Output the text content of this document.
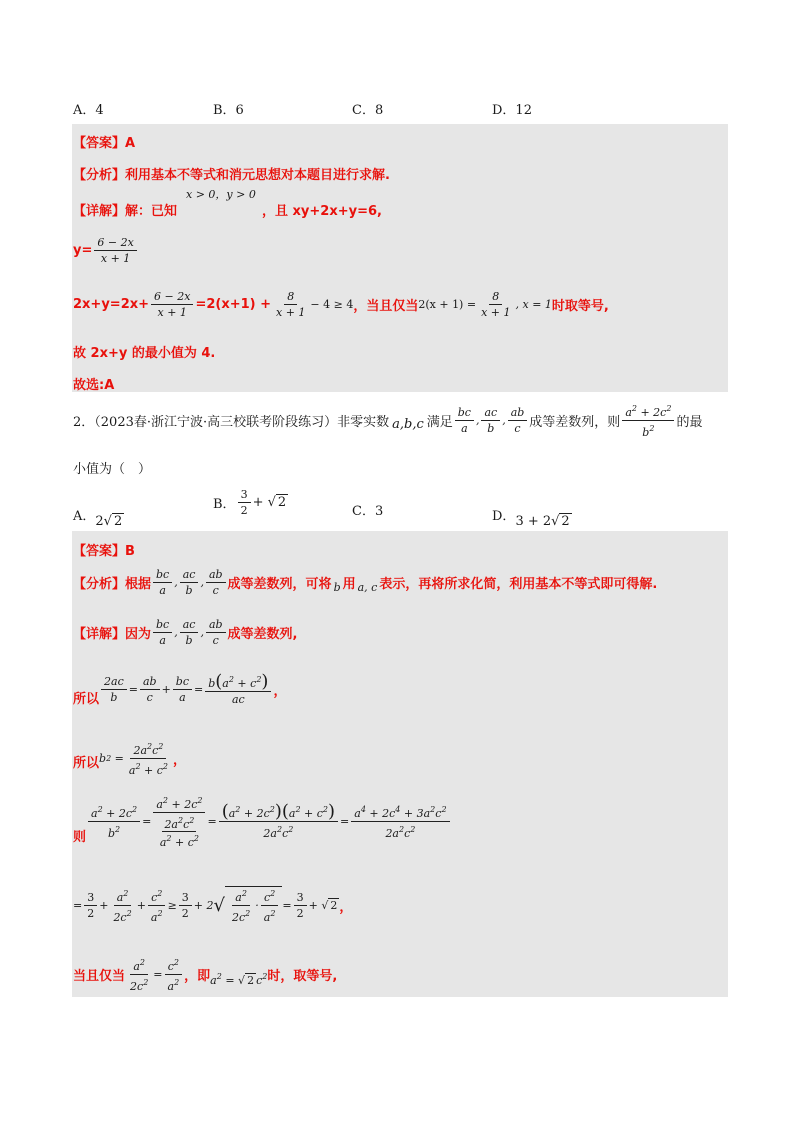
A．4	B．6	C．8	D．12
【答案】A
【分析】利用基本不等式和消元思想对本题目进行求解.
【详解】解：已知
x > 0，y > 0
，且 xy+2x+y=6,
$y= \frac{6 - 2x}{x + 1}$
$2x+y=2x+ \frac{6 - 2x}{x + 1} =2(x+1) + \frac{8}{x + 1} - 4 \ge 4$ ，当且仅当 $2(x + 1) = \frac{8}{x + 1}$ , x = 1 时取等号,
故 2x+y 的最小值为 4.
故选:A
2．（2023春·浙江宁波·高三校联考阶段练习）非零实数 a,b,c 满足 $\frac{bc}{a}$ , $\frac{ac}{b}$ , $\frac{ab}{c}$ 成等差数列，则 $\frac{a^2 + 2c^2}{b^2}$ 的最
小值为（　）
A． 2√ 2
B． $\frac{3}{2}$ + √ 2
C．3	D． 3 + 2√ 2
【答案】B
【分析】根据 $\frac{bc}{a}$ , $\frac{ac}{b}$ , $\frac{ab}{c}$ 成等差数列，可将 b 用 a, c 表示，再将所求化简，利用基本不等式即可得解.
【详解】因为 $\frac{bc}{a}$ , $\frac{ac}{b}$ , $\frac{ab}{c}$ 成等差数列,
所以 $\frac{2ac}{b} = \frac{ab}{c} + \frac{bc}{a} = \frac{b(a^2 + c^2)}{ac}$ ，
所以 b $2 = \frac{2a^2c^2}{a^2 + c^2}$ ，
则 $\frac{a^2 + 2c^2}{b^2} = a^2 + 2c^2$
$2a^2c^2$
$a^2 + c^2 = \frac{(a^2 + 2c^2)(a^2 + c^2)}{2a^2c^2} = \frac{a^4 + 2c^4 + 3a^2c^2}{2a^2c^2}$
= $\frac{3}{2} + \frac{a^2}{2c^2} + \frac{c^2}{a^2} \ge \frac{3}{2} + 2$ √ $\frac{a^2}{2c^2} \cdot \frac{c^2}{a^2} = \frac{3}{2}$ + √ 2 ，
当且仅当 $\frac{a^2}{2c^2} = \frac{c^2}{a^2}$ ，即 $a^2$ = √ 2 $c^2$ 时，取等号,
